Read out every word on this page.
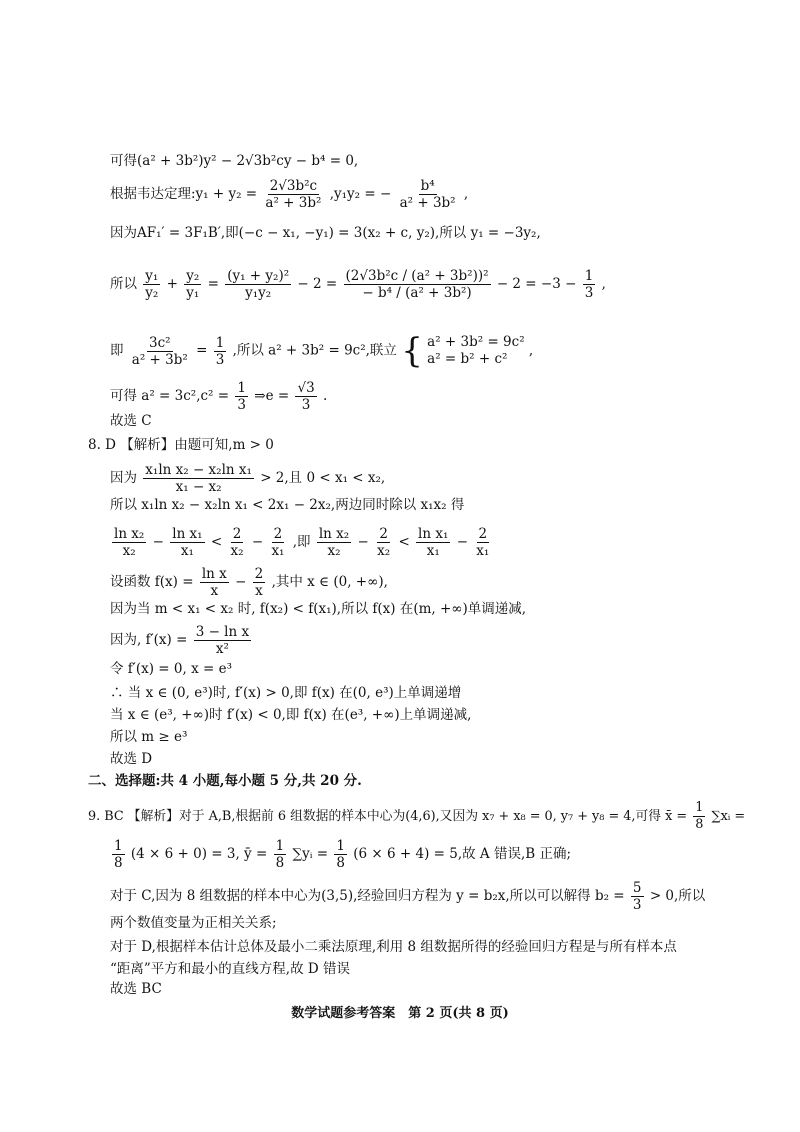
可得(a² + 3b²)y² − 2√3b²cy − b⁴ = 0,
根据韦达定理:y₁ + $y_2 = \frac{\text{2√3b²c}}{\text{a² + 3b²}} ,y_1y_2$ = − $\frac{\text{b⁴}}{\text{a² + 3b²}}$ ,
因为AF₁′ = 3F₁B′,即(−c − x₁, −y₁) = 3(x₂ + c, y₂),所以 y₁ = −3y₂,
所以 $\frac{\text{y₁}}{\text{y₂}} + \frac{\text{y₂}}{\text{y₁}} = \frac{\text{(y₁ + y₂)²}}{\text{y₁y₂}} - 2 = \frac{\text{(2√3b²c / (a² + 3b²))²}}{\text{− b⁴ / (a² + 3b²)}} - 2 = -3 - \frac{1}{3}$ ,
即 $\frac{\text{3c²}}{\text{a² + 3b²}} = \frac{1}{3}$ ,所以 a² + 3b² = 9c²,联立 { a² + 3b² = 9c²
a² = b² + c²
,
可得 $a^2 = 3c^2,c^2 = \frac{1}{3}$ ⇒e = $\frac{√3}{3}$ .
故选 C
8. D 【解析】由题可知,m > 0
因为 $\frac{\text{x₁ln x₂ − x₂ln x₁}}{\text{x₁ − x₂}} > 2$,且 0 < x₁ < x₂,
所以 x₁ln x₂ − x₂ln x₁ < 2x₁ − 2x₂,两边同时除以 x₁x₂ 得
$\frac{\text{ln x₂}}{\text{x₂}} - \frac{\text{ln x₁}}{\text{x₁}} < \frac{2}{\text{x₂}} - \frac{2}{\text{x₁}}$ ,即 $\frac{\text{ln x₂}}{\text{x₂}} - \frac{2}{\text{x₂}} < \frac{\text{ln x₁}}{\text{x₁}} - \frac{2}{\text{x₁}}$
设函数 $f(x) = \frac{\text{ln x}}{x} - \frac{2}{x}$ ,其中 x ∈ (0, +∞),
因为当 m < x₁ < x₂ 时, f(x₂) < f(x₁),所以 f(x) 在(m, +∞)单调递减,
因为, $f'(x) = \frac{\text{3 − ln x}}{\text{x²}}$
令 f′(x) = 0, x = e³
∴ 当 x ∈ (0, e³)时, f′(x) > 0,即 f(x) 在(0, e³)上单调递增
当 x ∈ (e³, +∞)时 f′(x) < 0,即 f(x) 在(e³, +∞)上单调递减,
所以 m ≥ e³
故选 D
二、选择题:共 4 小题,每小题 5 分,共 20 分.
9. BC 【解析】对于 A,B,根据前 6 组数据的样本中心为(4,6),又因为 x₇ + x₈ = 0, y₇ + y₈ = 4,可得 x̄ = $\frac{1}{8}$ ∑xᵢ =
$\frac{1}{8} (4 \times 6 + 0) = 3$, ȳ = $\frac{1}{8}$ ∑yᵢ = $\frac{1}{8} (6 \times 6 + 4) = 5$,故 A 错误,B 正确;
对于 C,因为 8 组数据的样本中心为(3,5),经验回归方程为 y = b₂x,所以可以解得 $b_2 = \frac{5}{3} > 0$,所以
两个数值变量为正相关关系;
对于 D,根据样本估计总体及最小二乘法原理,利用 8 组数据所得的经验回归方程是与所有样本点
“距离”平方和最小的直线方程,故 D 错误
故选 BC
数学试题参考答案　第 2 页(共 8 页)
